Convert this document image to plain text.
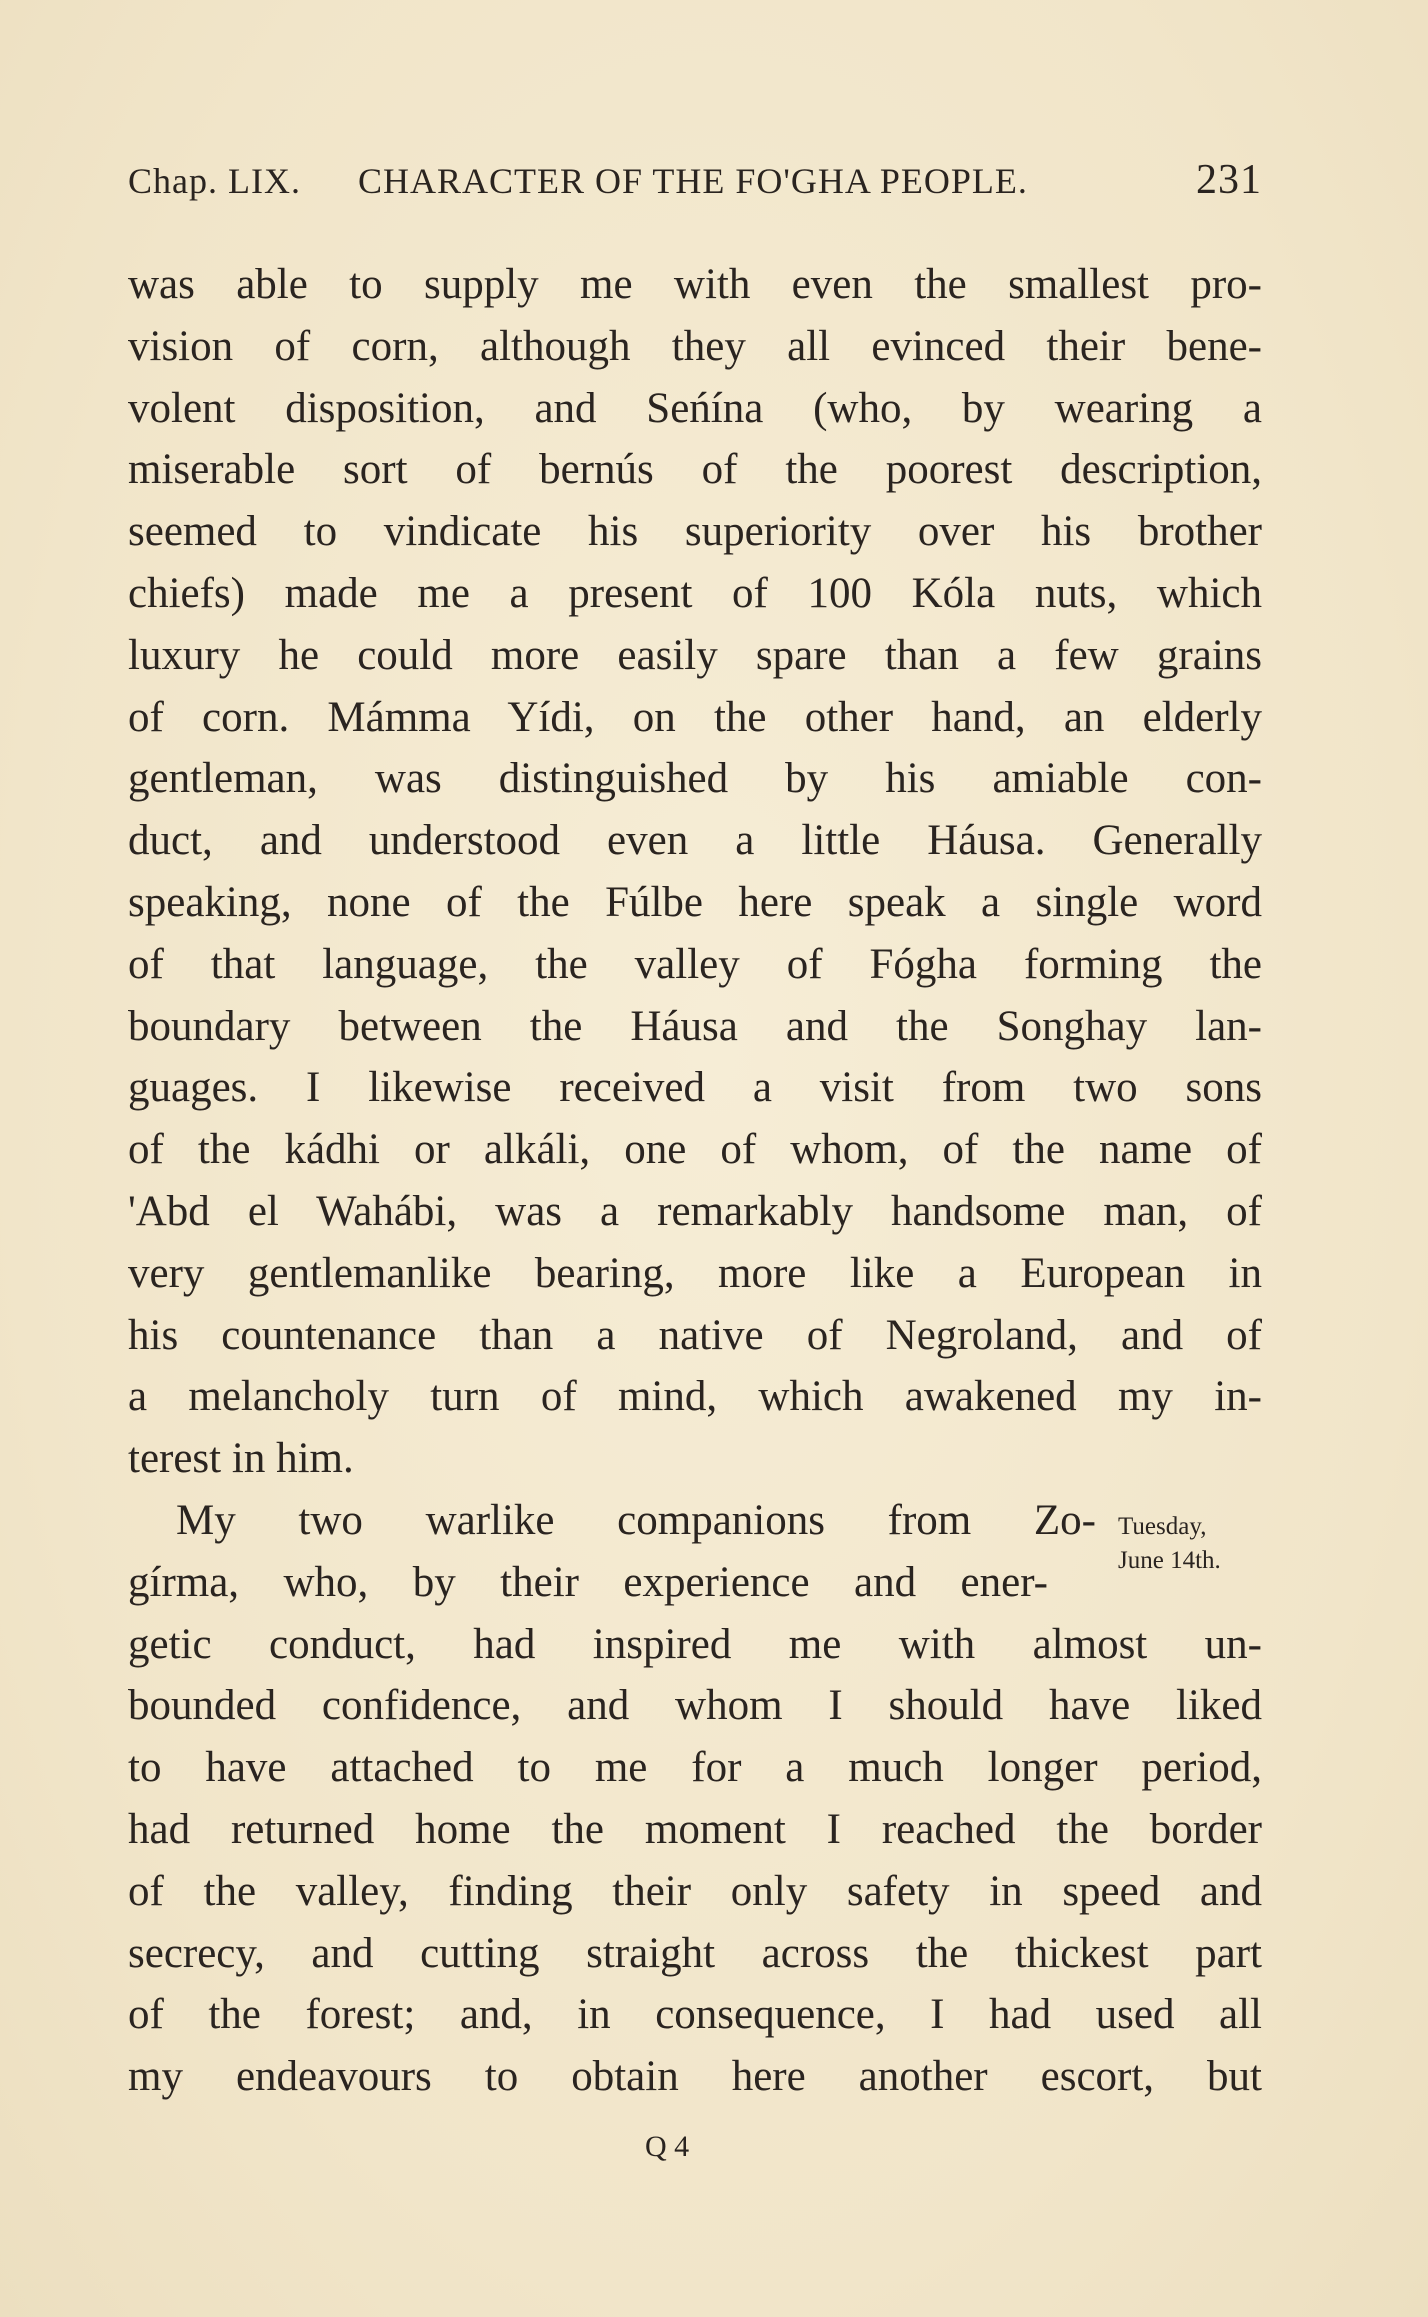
Chap. LIX. CHARACTER OF THE FO'GHA PEOPLE.	231
was able to supply me with even the smallest pro-
vision of corn, although they all evinced their bene-
volent disposition, and Seńína (who, by wearing a
miserable sort of bernús of the poorest description,
seemed to vindicate his superiority over his brother
chiefs) made me a present of 100 Kóla nuts, which
luxury he could more easily spare than a few grains
of corn. Mámma Yídi, on the other hand, an elderly
gentleman, was distinguished by his amiable con-
duct, and understood even a little Háusa. Generally
speaking, none of the Fúlbe here speak a single word
of that language, the valley of Fógha forming the
boundary between the Háusa and the Songhay lan-
guages. I likewise received a visit from two sons
of the kádhi or alkáli, one of whom, of the name of
'Abd el Wahábi, was a remarkably handsome man, of
very gentlemanlike bearing, more like a European in
his countenance than a native of Negroland, and of
a melancholy turn of mind, which awakened my in-
terest in him.
My two warlike companions from Zo-
gírma, who, by their experience and ener-
getic conduct, had inspired me with almost un-
bounded confidence, and whom I should have liked
to have attached to me for a much longer period,
had returned home the moment I reached the border
of the valley, finding their only safety in speed and
secrecy, and cutting straight across the thickest part
of the forest; and, in consequence, I had used all
my endeavours to obtain here another escort, but
Tuesday,
June 14th.
Q 4
